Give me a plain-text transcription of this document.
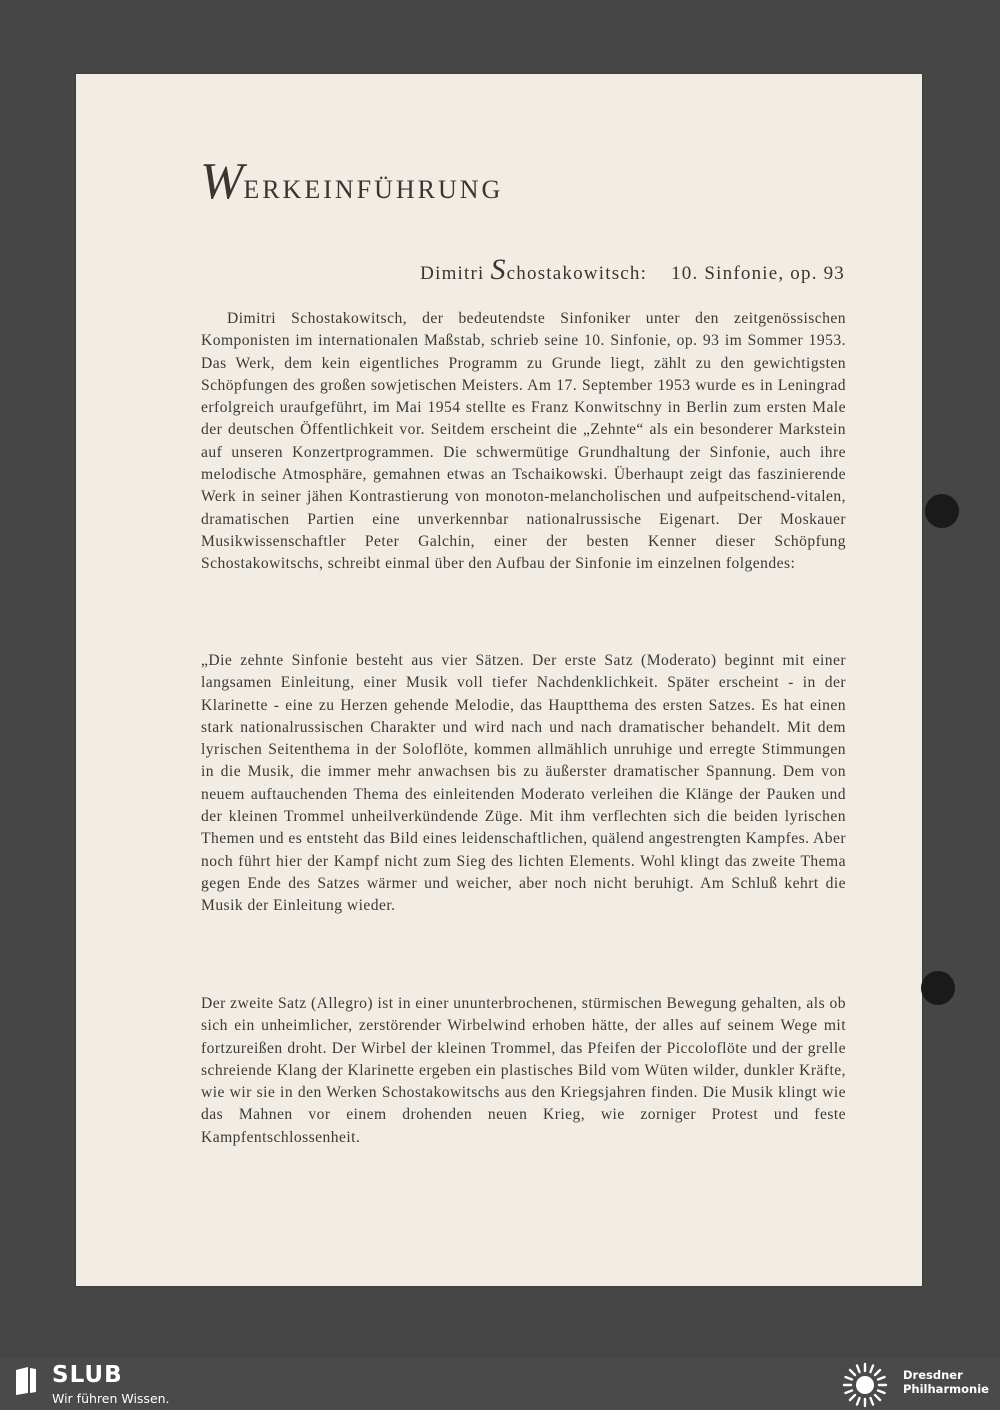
WERKEINFÜHRUNG
Dimitri Schostakowitsch: 10. Sinfonie, op. 93

Dimitri Schostakowitsch, der bedeutendste Sinfoniker unter den zeitgenössischen Komponisten im internationalen Maßstab, schrieb seine 10. Sinfonie, op. 93 im Sommer 1953. Das Werk, dem kein eigentliches Programm zu Grunde liegt, zählt zu den gewichtigsten Schöpfungen des großen sowjetischen Meisters. Am 17. September 1953 wurde es in Leningrad erfolgreich uraufgeführt, im Mai 1954 stellte es Franz Konwitschny in Berlin zum ersten Male der deutschen Öffentlichkeit vor. Seitdem erscheint die „Zehnte“ als ein besonderer Markstein auf unseren Konzertprogrammen. Die schwermütige Grundhaltung der Sinfonie, auch ihre melodische Atmosphäre, gemahnen etwas an Tschaikowski. Überhaupt zeigt das faszinierende Werk in seiner jähen Kontrastierung von monoton-melancholischen und aufpeitschend-vitalen, dramatischen Partien eine unverkennbar nationalrussische Eigenart. Der Moskauer Musikwissenschaftler Peter Galchin, einer der besten Kenner dieser Schöpfung Schostakowitschs, schreibt einmal über den Aufbau der Sinfonie im einzelnen folgendes:

„Die zehnte Sinfonie besteht aus vier Sätzen. Der erste Satz (Moderato) beginnt mit einer langsamen Einleitung, einer Musik voll tiefer Nachdenklichkeit. Später erscheint - in der Klarinette - eine zu Herzen gehende Melodie, das Hauptthema des ersten Satzes. Es hat einen stark nationalrussischen Charakter und wird nach und nach dramatischer behandelt. Mit dem lyrischen Seitenthema in der Soloflöte, kommen allmählich unruhige und erregte Stimmungen in die Musik, die immer mehr anwachsen bis zu äußerster dramatischer Spannung. Dem von neuem auftauchenden Thema des einleitenden Moderato verleihen die Klänge der Pauken und der kleinen Trommel unheilverkündende Züge. Mit ihm verflechten sich die beiden lyrischen Themen und es entsteht das Bild eines leidenschaftlichen, quälend angestrengten Kampfes. Aber noch führt hier der Kampf nicht zum Sieg des lichten Elements. Wohl klingt das zweite Thema gegen Ende des Satzes wärmer und weicher, aber noch nicht beruhigt. Am Schluß kehrt die Musik der Einleitung wieder.

Der zweite Satz (Allegro) ist in einer ununterbrochenen, stürmischen Bewegung gehalten, als ob sich ein unheimlicher, zerstörender Wirbelwind erhoben hätte, der alles auf seinem Wege mit fortzureißen droht. Der Wirbel der kleinen Trommel, das Pfeifen der Piccoloflöte und der grelle schreiende Klang der Klarinette ergeben ein plastisches Bild vom Wüten wilder, dunkler Kräfte, wie wir sie in den Werken Schostakowitschs aus den Kriegsjahren finden. Die Musik klingt wie das Mahnen vor einem drohenden neuen Krieg, wie zorniger Protest und feste Kampfentschlossenheit.

SLUB
Wir führen Wissen.
Dresdner
Philharmonie
